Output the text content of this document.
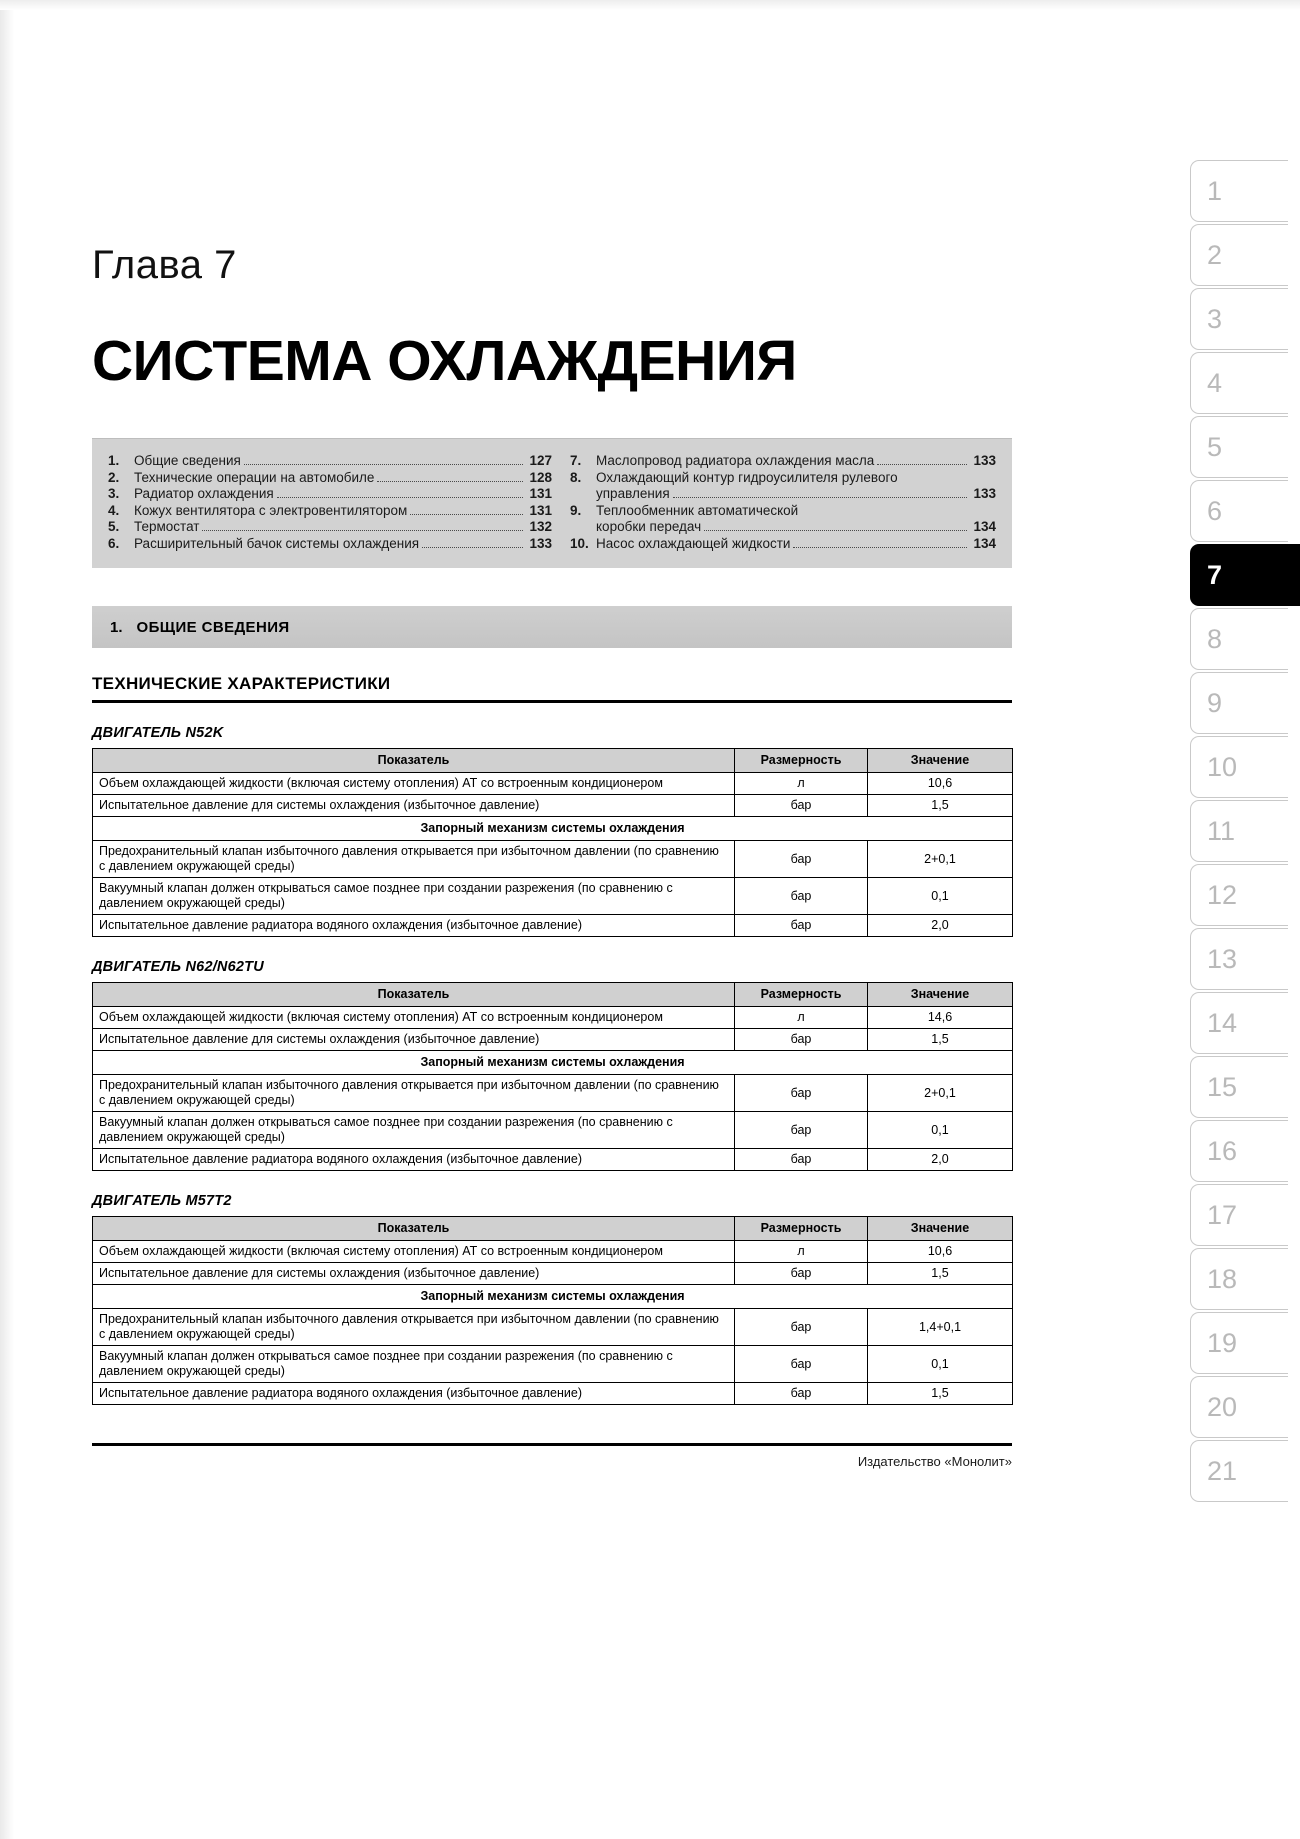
Глава 7
СИСТЕМА ОХЛАЖДЕНИЯ
1.	Общие сведения	127
2.	Технические операции на автомобиле	128
3.	Радиатор охлаждения	131
4.	Кожух вентилятора с электровентилятором	131
5.	Термостат	132
6.	Расширительный бачок системы охлаждения	133
7.	Маслопровод радиатора охлаждения масла	133
8.	Охлаждающий контур гидроусилителя рулевого
управления	133
9.	Теплообменник автоматической
коробки передач	134
10. Насос охлаждающей жидкости	134
1. ОБЩИЕ СВЕДЕНИЯ
ТЕХНИЧЕСКИЕ ХАРАКТЕРИСТИКИ
ДВИГАТЕЛЬ N52K
Показатель	Размерность	Значение
Объем охлаждающей жидкости (включая систему отопления) АТ со встроенным кондиционером	л	10,6
Испытательное давление для системы охлаждения (избыточное давление)	бар	1,5
Запорный механизм системы охлаждения		
Предохранительный клапан избыточного давления открывается при избыточном давлении (по сравнению с давлением окружающей среды)	бар	2+0,1
Вакуумный клапан должен открываться самое позднее при создании разрежения (по сравнению с давлением окружающей среды)	бар	0,1
Испытательное давление радиатора водяного охлаждения (избыточное давление)	бар	2,0
ДВИГАТЕЛЬ N62/N62TU
Показатель	Размерность	Значение
Объем охлаждающей жидкости (включая систему отопления) АТ со встроенным кондиционером	л	14,6
Испытательное давление для системы охлаждения (избыточное давление)	бар	1,5
Запорный механизм системы охлаждения		
Предохранительный клапан избыточного давления открывается при избыточном давлении (по сравнению с давлением окружающей среды)	бар	2+0,1
Вакуумный клапан должен открываться самое позднее при создании разрежения (по сравнению с давлением окружающей среды)	бар	0,1
Испытательное давление радиатора водяного охлаждения (избыточное давление)	бар	2,0
ДВИГАТЕЛЬ M57T2
Показатель	Размерность	Значение
Объем охлаждающей жидкости (включая систему отопления) АТ со встроенным кондиционером	л	10,6
Испытательное давление для системы охлаждения (избыточное давление)	бар	1,5
Запорный механизм системы охлаждения		
Предохранительный клапан избыточного давления открывается при избыточном давлении (по сравнению с давлением окружающей среды)	бар	1,4+0,1
Вакуумный клапан должен открываться самое позднее при создании разрежения (по сравнению с давлением окружающей среды)	бар	0,1
Испытательное давление радиатора водяного охлаждения (избыточное давление)	бар	1,5
Издательство «Монолит»
1
2
3
4
5
6
7
8
9
10
11
12
13
14
15
16
17
18
19
20
21
